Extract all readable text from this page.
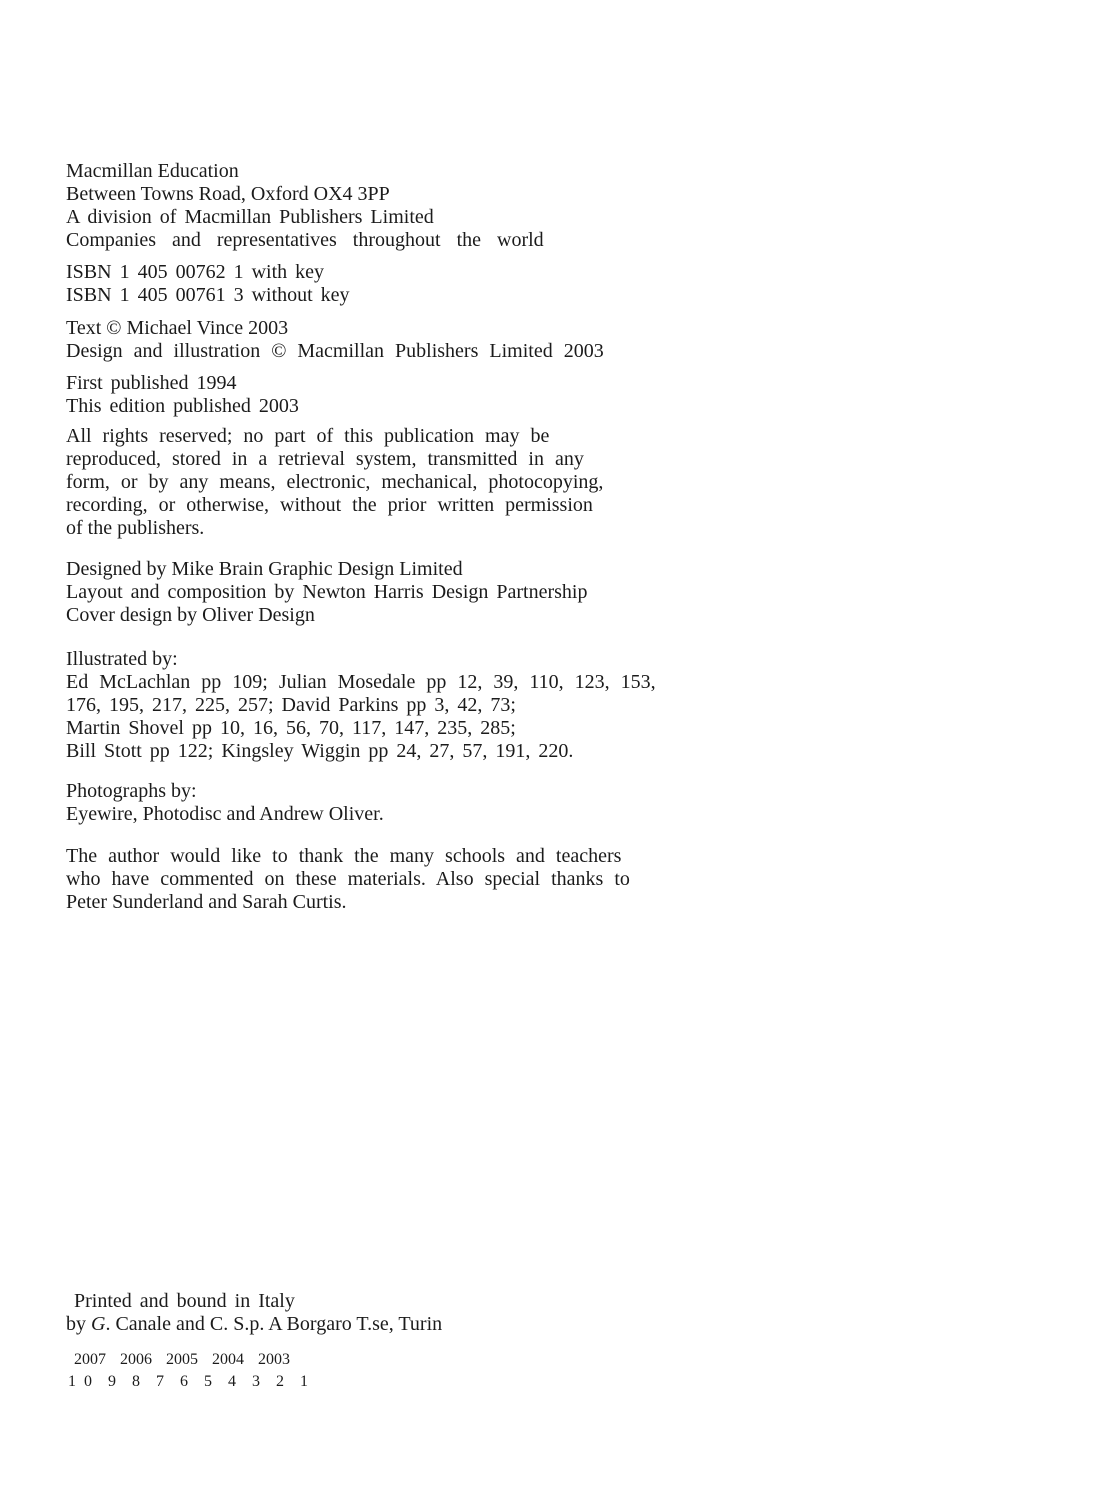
Macmillan Education

Between Towns Road, Oxford OX4 3PP

A division of Macmillan Publishers Limited

Companies and representatives throughout the world

ISBN 1 405 00762 1 with key

ISBN 1 405 00761 3 without key

Text © Michael Vince 2003

Design and illustration © Macmillan Publishers Limited 2003

First published 1994

This edition published 2003

All rights reserved; no part of this publication may be

reproduced, stored in a retrieval system, transmitted in any

form, or by any means, electronic, mechanical, photocopying,

recording, or otherwise, without the prior written permission

of the publishers.

Designed by Mike Brain Graphic Design Limited

Layout and composition by Newton Harris Design Partnership

Cover design by Oliver Design

Illustrated by:

Ed McLachlan pp 109; Julian Mosedale pp 12, 39, 110, 123, 153,

176, 195, 217, 225, 257; David Parkins pp 3, 42, 73;

Martin Shovel pp 10, 16, 56, 70, 117, 147, 235, 285;

Bill Stott pp 122; Kingsley Wiggin pp 24, 27, 57, 191, 220.

Photographs by:

Eyewire, Photodisc and Andrew Oliver.

The author would like to thank the many schools and teachers

who have commented on these materials. Also special thanks to

Peter Sunderland and Sarah Curtis.

Printed and bound in Italy

by G. Canale and C. S.p. A Borgaro T.se, Turin

2007 2006 2005 2004 2003

10 9 8 7 6 5 4 3 2 1
